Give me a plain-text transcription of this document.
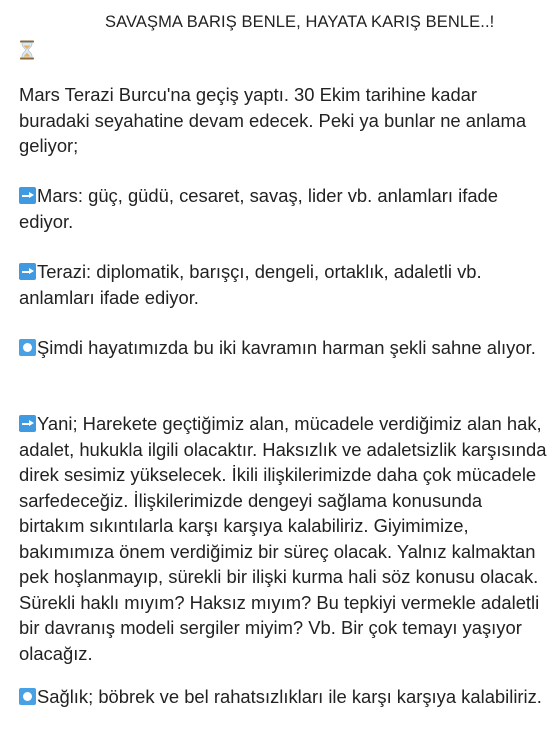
SAVAŞMA BARIŞ BENLE, HAYATA KARIŞ BENLE..!

Mars Terazi Burcu'na geçiş yaptı. 30 Ekim tarihine kadar buradaki seyahatine devam edecek. Peki ya bunlar ne anlama geliyor;

Mars: güç, güdü, cesaret, savaş, lider vb. anlamları ifade ediyor.

Terazi: diplomatik, barışçı, dengeli, ortaklık, adaletli vb. anlamları ifade ediyor.

Şimdi hayatımızda bu iki kavramın harman şekli sahne alıyor.

Yani; Harekete geçtiğimiz alan, mücadele verdiğimiz alan hak, adalet, hukukla ilgili olacaktır. Haksızlık ve adaletsizlik karşısında direk sesimiz yükselecek. İkili ilişkilerimizde daha çok mücadele sarfedeceğiz. İlişkilerimizde dengeyi sağlama konusunda birtakım sıkıntılarla karşı karşıya kalabiliriz. Giyimimize, bakımımıza önem verdiğimiz bir süreç olacak. Yalnız kalmaktan pek hoşlanmayıp, sürekli bir ilişki kurma hali söz konusu olacak. Sürekli haklı mıyım? Haksız mıyım? Bu tepkiyi vermekle adaletli bir davranış modeli sergiler miyim? Vb. Bir çok temayı yaşıyor olacağız.

Sağlık; böbrek ve bel rahatsızlıkları ile karşı karşıya kalabiliriz.
